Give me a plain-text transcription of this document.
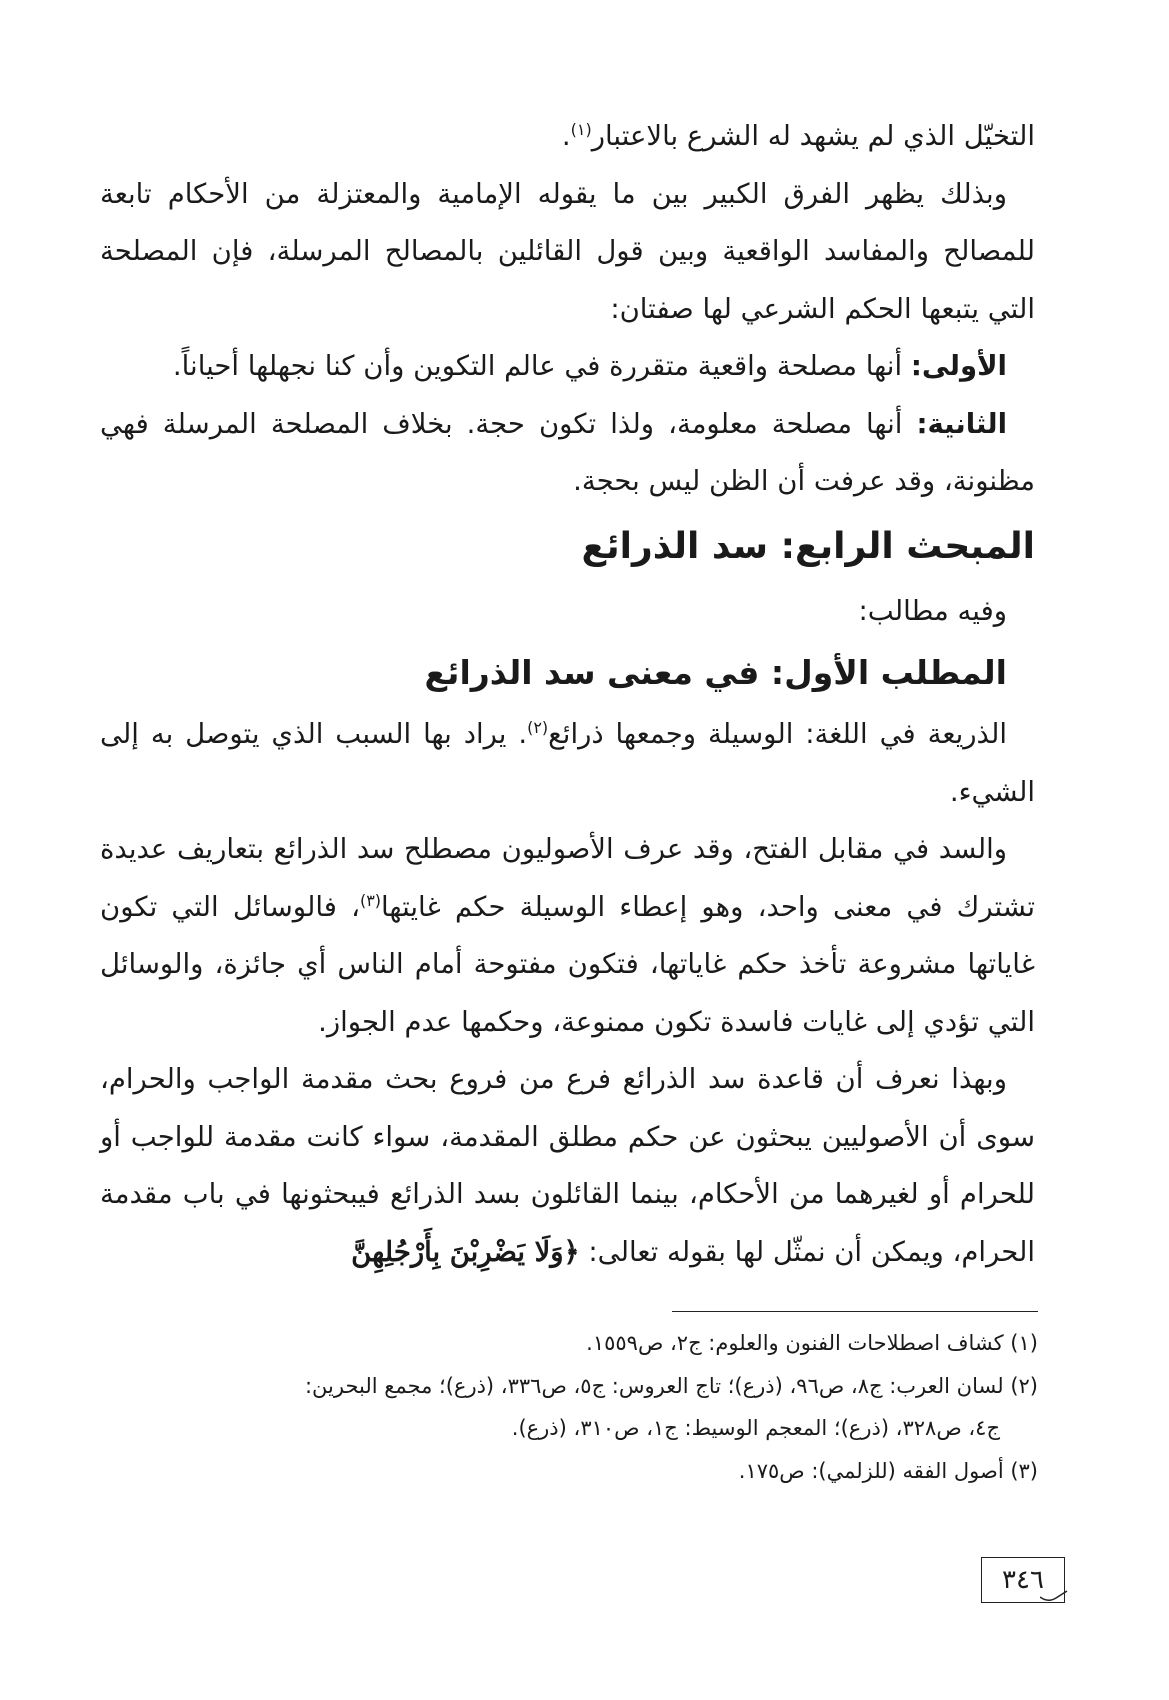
التخيّل الذي لم يشهد له الشرع بالاعتبار$^{(١)}$.

وبذلك يظهر الفرق الكبير بين ما يقوله الإمامية والمعتزلة من الأحكام تابعة للمصالح والمفاسد الواقعية وبين قول القائلين بالمصالح المرسلة، فإن المصلحة التي يتبعها الحكم الشرعي لها صفتان:

الأولى: أنها مصلحة واقعية متقررة في عالم التكوين وأن كنا نجهلها أحياناً.

الثانية: أنها مصلحة معلومة، ولذا تكون حجة. بخلاف المصلحة المرسلة فهي مظنونة، وقد عرفت أن الظن ليس بحجة.

المبحث الرابع: سد الذرائع

وفيه مطالب:

المطلب الأول: في معنى سد الذرائع

الذريعة في اللغة: الوسيلة وجمعها ذرائع$^{(٢)}$. يراد بها السبب الذي يتوصل به إلى الشيء.

والسد في مقابل الفتح، وقد عرف الأصوليون مصطلح سد الذرائع بتعاريف عديدة تشترك في معنى واحد، وهو إعطاء الوسيلة حكم غايتها$^{(٣)}$، فالوسائل التي تكون غاياتها مشروعة تأخذ حكم غاياتها، فتكون مفتوحة أمام الناس أي جائزة، والوسائل التي تؤدي إلى غايات فاسدة تكون ممنوعة، وحكمها عدم الجواز.

وبهذا نعرف أن قاعدة سد الذرائع فرع من فروع بحث مقدمة الواجب والحرام، سوى أن الأصوليين يبحثون عن حكم مطلق المقدمة، سواء كانت مقدمة للواجب أو للحرام أو لغيرهما من الأحكام، بينما القائلون بسد الذرائع فيبحثونها في باب مقدمة الحرام، ويمكن أن نمثّل لها بقوله تعالى: ﴿وَلَا يَضْرِبْنَ بِأَرْجُلِهِنَّ

(١) كشاف اصطلاحات الفنون والعلوم: ج٢، ص١٥٥٩.

(٢) لسان العرب: ج٨، ص٩٦، (ذرع)؛ تاج العروس: ج٥، ص٣٣٦، (ذرع)؛ مجمع البحرين:

ج٤، ص٣٢٨، (ذرع)؛ المعجم الوسيط: ج١، ص٣١٠، (ذرع).

(٣) أصول الفقه (للزلمي): ص١٧٥.

٣٤٦
